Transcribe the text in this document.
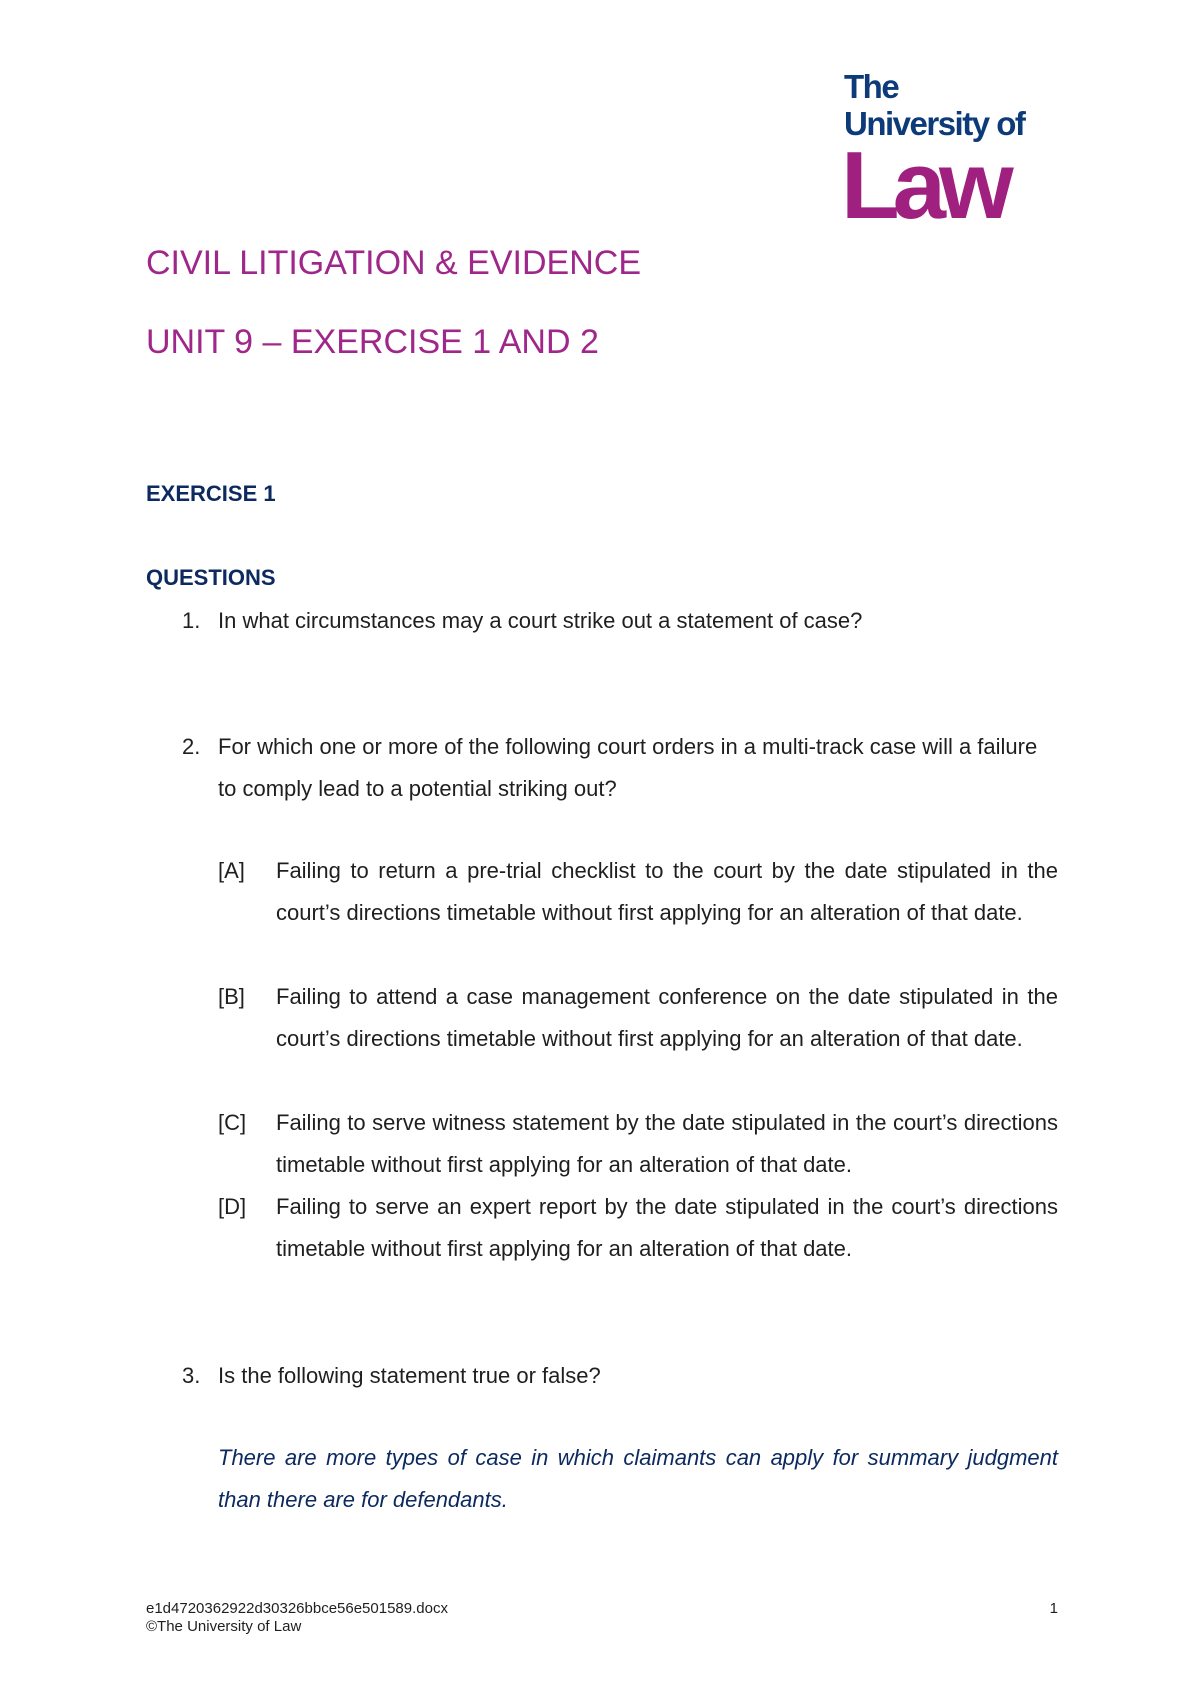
The
University of
Law
CIVIL LITIGATION & EVIDENCE
UNIT 9 – EXERCISE 1 AND 2
EXERCISE 1
QUESTIONS
1. In what circumstances may a court strike out a statement of case?
2. For which one or more of the following court orders in a multi-track case will a failure to comply lead to a potential striking out?
[A] Failing to return a pre-trial checklist to the court by the date stipulated in the court’s directions timetable without first applying for an alteration of that date.
[B] Failing to attend a case management conference on the date stipulated in the court’s directions timetable without first applying for an alteration of that date.
[C] Failing to serve witness statement by the date stipulated in the court’s directions timetable without first applying for an alteration of that date.
[D] Failing to serve an expert report by the date stipulated in the court’s directions timetable without first applying for an alteration of that date.
3. Is the following statement true or false?
There are more types of case in which claimants can apply for summary judgment than there are for defendants.
e1d4720362922d30326bbce56e501589.docx
©The University of Law
1
